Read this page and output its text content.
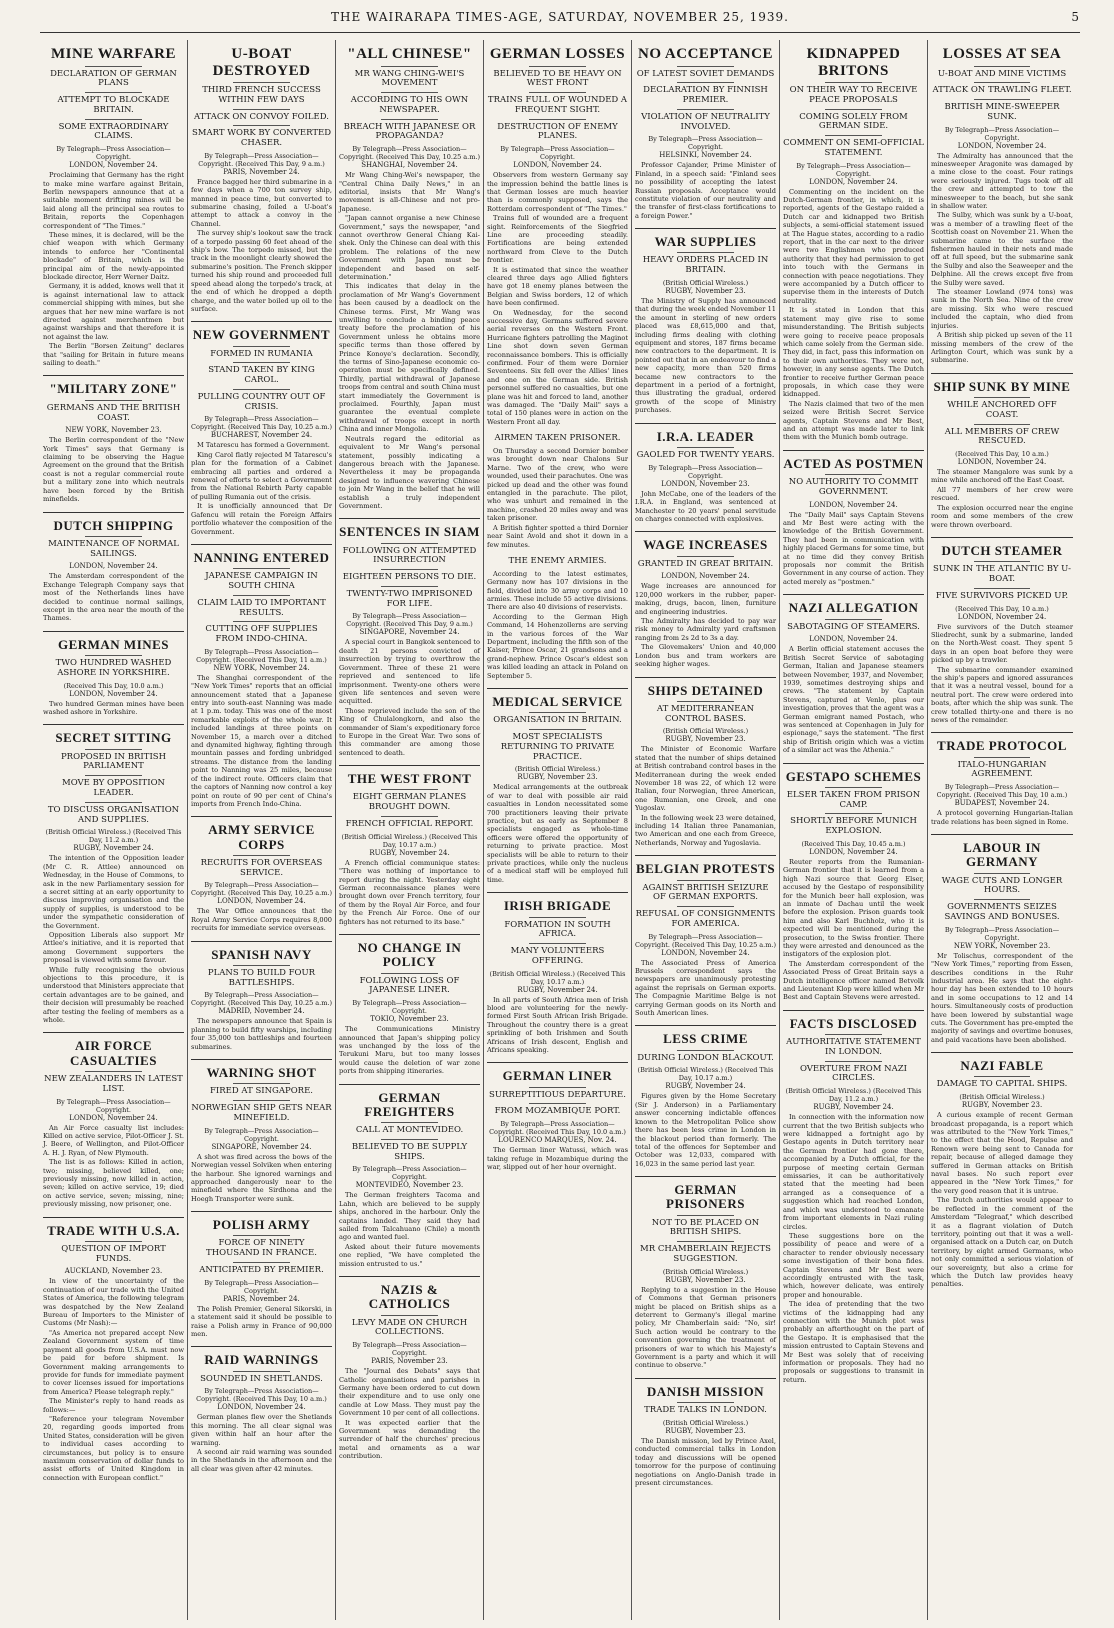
THE WAIRARAPA TIMES-AGE, SATURDAY, NOVEMBER 25, 1939.	5
MINE WARFARE
DECLARATION OF GERMAN PLANS
ATTEMPT TO BLOCKADE BRITAIN.
SOME EXTRAORDINARY CLAIMS.
By Telegraph—Press Association—Copyright.
LONDON, November 24.

Proclaiming that Germany has the right to make mine warfare against Britain, Berlin newspapers announce that at a suitable moment drifting mines will be laid along all the principal sea routes to Britain, reports the Copenhagen correspondent of "The Times."

These mines, it is declared, will be the chief weapon with which Germany intends to enforce her "Continental blockade" of Britain, which is the principal aim of the newly-appointed blockade director, Herr Werner Daitz.

Germany, it is added, knows well that it is against international law to attack commercial shipping with mines, but she argues that her new mine warfare is not directed against merchantmen but against warships and that therefore it is not against the law.

The Berlin "Borsen Zeitung" declares that "sailing for Britain in future means sailing to death."

"MILITARY ZONE"
GERMANS AND THE BRITISH COAST.
NEW YORK, November 23.

The Berlin correspondent of the "New York Times" says that Germany is claiming to be observing the Hague Agreement on the ground that the British coast is not a regular commercial route but a military zone into which neutrals have been forced by the British minefields.

DUTCH SHIPPING
MAINTENANCE OF NORMAL SAILINGS.
LONDON, November 24.

The Amsterdam correspondent of the Exchange Telegraph Company says that most of the Netherlands lines have decided to continue normal sailings, except in the area near the mouth of the Thames.

GERMAN MINES
TWO HUNDRED WASHED ASHORE IN YORKSHIRE.
(Received This Day, 10.0 a.m.)
LONDON, November 24.

Two hundred German mines have been washed ashore in Yorkshire.

SECRET SITTING
PROPOSED IN BRITISH PARLIAMENT
MOVE BY OPPOSITION LEADER.
TO DISCUSS ORGANISATION AND SUPPLIES.
(British Official Wireless.) (Received This Day, 11.2 a.m.)
RUGBY, November 24.

The intention of the Opposition leader (Mr C. R. Attlee) announced on Wednesday, in the House of Commons, to ask in the new Parliamentary session for a secret sitting at an early opportunity to discuss improving organisation and the supply of supplies, is understood to be under the sympathetic consideration of the Government.

Opposition Liberals also support Mr Attlee's initiative, and it is reported that among Government supporters the proposal is viewed with some favour.

While fully recognising the obvious objections to this procedure, it is understood that Ministers appreciate that certain advantages are to be gained, and their decision will presumably be reached after testing the feeling of members as a whole.

AIR FORCE CASUALTIES
NEW ZEALANDERS IN LATEST LIST.
By Telegraph—Press Association—Copyright.
LONDON, November 24.

An Air Force casualty list includes: Killed on active service, Pilot-Officer J. St. J. Beere, of Wellington, and Pilot-Officer A. H. J. Ryan, of New Plymouth.

The list is as follows: Killed in action, two; missing, believed killed, one; previously missing, now killed in action, seven; killed on active service, 19; died on active service, seven; missing, nine; previously missing, now prisoner, one.

TRADE WITH U.S.A.
QUESTION OF IMPORT FUNDS.
AUCKLAND, November 23.

In view of the uncertainty of the continuation of our trade with the United States of America, the following telegram was despatched by the New Zealand Bureau of Importers to the Minister of Customs (Mr Nash):—

"As America not prepared accept New Zealand Government system of time payment all goods from U.S.A. must now be paid for before shipment. Is Government making arrangements to provide for funds for immediate payment to cover licenses issued for importations from America? Please telegraph reply."

The Minister's reply to hand reads as follows:—

"Reference your telegram November 20, regarding goods imported from United States, consideration will be given to individual cases according to circumstances, but policy is to ensure maximum conservation of dollar funds to assist efforts of United Kingdom in connection with European conflict."

U-BOAT DESTROYED
THIRD FRENCH SUCCESS WITHIN FEW DAYS
ATTACK ON CONVOY FOILED.
SMART WORK BY CONVERTED CHASER.
By Telegraph—Press Association—Copyright. (Received This Day, 9 a.m.)
PARIS, November 24.

France bagged her third submarine in a few days when a 700 ton survey ship, manned in peace time, but converted to submarine chasing, foiled a U-boat's attempt to attack a convoy in the Channel.

The survey ship's lookout saw the track of a torpedo passing 60 feet ahead of the ship's bow. The torpedo missed, but the track in the moonlight clearly showed the submarine's position. The French skipper turned his ship round and proceeded full speed ahead along the torpedo's track, at the end of which he dropped a depth charge, and the water boiled up oil to the surface.

NEW GOVERNMENT
FORMED IN RUMANIA
STAND TAKEN BY KING CAROL.
PULLING COUNTRY OUT OF CRISIS.
By Telegraph—Press Association—Copyright. (Received This Day, 10.25 a.m.)
BUCHAREST, November 24.

M Tatarescu has formed a Government.

King Carol flatly rejected M Tatarescu's plan for the formation of a Cabinet embracing all parties and ordered a renewal of efforts to select a Government from the National Rebirth Party capable of pulling Rumania out of the crisis.

It is unofficially announced that Dr Gafencu will retain the Foreign Affairs portfolio whatever the composition of the Government.

NANNING ENTERED
JAPANESE CAMPAIGN IN SOUTH CHINA
CLAIM LAID TO IMPORTANT RESULTS.
CUTTING OFF SUPPLIES FROM INDO-CHINA.
By Telegraph—Press Association—Copyright. (Received This Day, 11 a.m.)
NEW YORK, November 24.

The Shanghai correspondent of the "New York Times" reports that an official announcement stated that a Japanese entry into south-east Nanning was made at 1 p.m. today. This was one of the most remarkable exploits of the whole war. It included landings at three points on November 15, a march over a ditched and dynamited highway, fighting through mountain passes and fording unbridged streams. The distance from the landing point to Nanning was 25 miles, because of the indirect route. Officers claim that the captors of Nanning now control a key point on route of 90 per cent of China's imports from French Indo-China.

ARMY SERVICE CORPS
RECRUITS FOR OVERSEAS SERVICE.
By Telegraph—Press Association—Copyright. (Received This Day, 10.25 a.m.)
LONDON, November 24.

The War Office announces that the Royal Army Service Corps requires 8,000 recruits for immediate service overseas.

SPANISH NAVY
PLANS TO BUILD FOUR BATTLESHIPS.
By Telegraph—Press Association—Copyright. (Received This Day, 10.25 a.m.)
MADRID, November 24.

The newspapers announce that Spain is planning to build fifty warships, including four 35,000 ton battleships and fourteen submarines.

WARNING SHOT
FIRED AT SINGAPORE.
NORWEGIAN SHIP GETS NEAR MINEFIELD.
By Telegraph—Press Association—Copyright.
SINGAPORE, November 24.

A shot was fired across the bows of the Norwegian vessel Solviken when entering the harbour. She ignored warnings and approached dangerously near to the minefield where the Sirdhona and the Hoegh Transporter were sunk.

POLISH ARMY
FORCE OF NINETY THOUSAND IN FRANCE.
ANTICIPATED BY PREMIER.
By Telegraph—Press Association—Copyright.
PARIS, November 24.

The Polish Premier, General Sikorski, in a statement said it should be possible to raise a Polish army in France of 90,000 men.

RAID WARNINGS
SOUNDED IN SHETLANDS.
By Telegraph—Press Association—Copyright. (Received This Day, 10 a.m.)
LONDON, November 24.

German planes flew over the Shetlands this morning. The all clear signal was given within half an hour after the warning.

A second air raid warning was sounded in the Shetlands in the afternoon and the all clear was given after 42 minutes.

"ALL CHINESE"
MR WANG CHING-WEI'S MOVEMENT
ACCORDING TO HIS OWN NEWSPAPER.
BREACH WITH JAPANESE OR PROPAGANDA?
By Telegraph—Press Association—Copyright. (Received This Day, 10.25 a.m.)
SHANGHAI, November 24.

Mr Wang Ching-Wei's newspaper, the "Central China Daily News," in an editorial, insists that Mr Wang's movement is all-Chinese and not pro-Japanese.

"Japan cannot organise a new Chinese Government," says the newspaper, "and cannot overthrow General Chiang Kai-shek. Only the Chinese can deal with this problem. The relations of the new Government with Japan must be independent and based on self-determination."

This indicates that delay in the proclamation of Mr Wang's Government has been caused by a deadlock on the Chinese terms. First, Mr Wang was unwilling to conclude a binding peace treaty before the proclamation of his Government unless he obtains more specific terms than those offered by Prince Konoye's declaration. Secondly, the terms of Sino-Japanese economic co-operation must be specifically defined. Thirdly, partial withdrawal of Japanese troops from central and south China must start immediately the Government is proclaimed. Fourthly, Japan must guarantee the eventual complete withdrawal of troops except in north China and inner Mongolia.

Neutrals regard the editorial as equivalent to Mr Wang's personal statement, possibly indicating a dangerous breach with the Japanese. Nevertheless it may be propaganda designed to influence wavering Chinese to join Mr Wang in the belief that he will establish a truly independent Government.

SENTENCES IN SIAM
FOLLOWING ON ATTEMPTED INSURRECTION
EIGHTEEN PERSONS TO DIE.
TWENTY-TWO IMPRISONED FOR LIFE.
By Telegraph—Press Association—Copyright. (Received This Day, 9 a.m.)
SINGAPORE, November 24.

A special court in Bangkok sentenced to death 21 persons convicted of insurrection by trying to overthrow the Government. Three of these 21 were reprieved and sentenced to life imprisonment. Twenty-one others were given life sentences and seven were acquitted.

Those reprieved include the son of the King of Chulalongkorn, and also the commander of Siam's expeditionary force to Europe in the Great War. Two sons of this commander are among those sentenced to death.

THE WEST FRONT
EIGHT GERMAN PLANES BROUGHT DOWN.
FRENCH OFFICIAL REPORT.
(British Official Wireless.) (Received This Day, 10.17 a.m.)
RUGBY, November 24.

A French official communique states: "There was nothing of importance to report during the night. Yesterday eight German reconnaissance planes were brought down over French territory, four of them by the Royal Air Force, and four by the French Air Force. One of our fighters has not returned to its base."

NO CHANGE IN POLICY
FOLLOWING LOSS OF JAPANESE LINER.
By Telegraph—Press Association—Copyright.
TOKIO, November 23.

The Communications Ministry announced that Japan's shipping policy was unchanged by the loss of the Terukuni Maru, but too many losses would cause the deletion of war zone ports from shipping itineraries.

GERMAN FREIGHTERS
CALL AT MONTEVIDEO.
BELIEVED TO BE SUPPLY SHIPS.
By Telegraph—Press Association—Copyright.
MONTEVIDEO, November 23.

The German freighters Tacoma and Lahn, which are believed to be supply ships, anchored in the harbour. Only the captains landed. They said they had sailed from Talcahuano (Chile) a month ago and wanted fuel.

Asked about their future movements one replied, "We have completed the mission entrusted to us."

NAZIS & CATHOLICS
LEVY MADE ON CHURCH COLLECTIONS.
By Telegraph—Press Association—Copyright.
PARIS, November 23.

The "Journal des Debats" says that Catholic organisations and parishes in Germany have been ordered to cut down their expenditure and to use only one candle at Low Mass. They must pay the Government 10 per cent of all collections.

It was expected earlier that the Government was demanding the surrender of half the churches' precious metal and ornaments as a war contribution.

GERMAN LOSSES
BELIEVED TO BE HEAVY ON WEST FRONT
TRAINS FULL OF WOUNDED A FREQUENT SIGHT.
DESTRUCTION OF ENEMY PLANES.
By Telegraph—Press Association—Copyright.
LONDON, November 24.

Observers from western Germany say the impression behind the battle lines is that German losses are much heavier than is commonly supposed, says the Rotterdam correspondent of "The Times."

Trains full of wounded are a frequent sight. Reinforcements of the Siegfried Line are proceeding steadily. Fortifications are being extended northward from Cleve to the Dutch frontier.

It is estimated that since the weather cleared three days ago Allied fighters have got 18 enemy planes between the Belgian and Swiss borders, 12 of which have been confirmed.

On Wednesday, for the second successive day, Germans suffered severe aerial reverses on the Western Front. Hurricane fighters patrolling the Maginot Line shot down seven German reconnaissance bombers. This is officially confirmed. Four of them were Dornier Seventeens. Six fell over the Allies' lines and one on the German side. British personnel suffered no casualties, but one plane was hit and forced to land, another was damaged. The "Daily Mail" says a total of 150 planes were in action on the Western Front all day.

AIRMEN TAKEN PRISONER.

On Thursday a second Dornier bomber was brought down near Chalons Sur Marne. Two of the crew, who were wounded, used their parachutes. One was picked up dead and the other was found entangled in the parachute. The pilot, who was unhurt and remained in the machine, crashed 20 miles away and was taken prisoner.

A British fighter spotted a third Dornier near Saint Avold and shot it down in a few minutes.

THE ENEMY ARMIES.

According to the latest estimates, Germany now has 107 divisions in the field, divided into 30 army corps and 10 armies. These include 55 active divisions. There are also 40 divisions of reservists.

According to the German High Command, 14 Hohenzollerns are serving in the various forces of the War Department, including the fifth son of the Kaiser, Prince Oscar, 21 grandsons and a grand-nephew. Prince Oscar's eldest son was killed leading an attack in Poland on September 5.

MEDICAL SERVICE
ORGANISATION IN BRITAIN.
MOST SPECIALISTS RETURNING TO PRIVATE PRACTICE.
(British Official Wireless.)
RUGBY, November 23.

Medical arrangements at the outbreak of war to deal with possible air raid casualties in London necessitated some 700 practitioners leaving their private practice, but as early as September 8 specialists engaged as whole-time officers were offered the opportunity of returning to private practice. Most specialists will be able to return to their private practices, while only the nucleus of a medical staff will be employed full time.

IRISH BRIGADE
FORMATION IN SOUTH AFRICA.
MANY VOLUNTEERS OFFERING.
(British Official Wireless.) (Received This Day, 10.17 a.m.)
RUGBY, November 24.

In all parts of South Africa men of Irish blood are volunteering for the newly-formed First South African Irish Brigade. Throughout the country there is a great sprinkling of both Irishmen and South Africans of Irish descent, English and Africans speaking.

GERMAN LINER
SURREPTITIOUS DEPARTURE.
FROM MOZAMBIQUE PORT.
By Telegraph—Press Association—Copyright. (Received This Day, 10.0 a.m.)
LOURENCO MARQUES, Nov. 24.

The German liner Watussi, which was taking refuge in Mozambique during the war, slipped out of her hour overnight.

NO ACCEPTANCE
OF LATEST SOVIET DEMANDS
DECLARATION BY FINNISH PREMIER.
VIOLATION OF NEUTRALITY INVOLVED.
By Telegraph—Press Association—Copyright.
HELSINKI, November 24.

Professor Cajander, Prime Minister of Finland, in a speech said: "Finland sees no possibility of accepting the latest Russian proposals. Acceptance would constitute violation of our neutrality and the transfer of first-class fortifications to a foreign Power."

WAR SUPPLIES
HEAVY ORDERS PLACED IN BRITAIN.
(British Official Wireless.)
RUGBY, November 23.

The Ministry of Supply has announced that during the week ended November 11 the amount in sterling of new orders placed was £8,615,000 and that, including firms dealing with clothing equipment and stores, 187 firms became new contractors to the department. It is pointed out that in an endeavour to find a new capacity, more than 520 firms became new contractors to the department in a period of a fortnight, thus illustrating the gradual, ordered growth of the scope of Ministry purchases.

I.R.A. LEADER
GAOLED FOR TWENTY YEARS.
By Telegraph—Press Association—Copyright.
LONDON, November 23.

John McCabe, one of the leaders of the I.R.A. in England, was sentenced at Manchester to 20 years' penal servitude on charges connected with explosives.

WAGE INCREASES
GRANTED IN GREAT BRITAIN.
LONDON, November 24.

Wage increases are announced for 120,000 workers in the rubber, paper-making, drugs, bacon, linen, furniture and engineering industries.

The Admiralty has decided to pay war risk money to Admiralty yard craftsmen ranging from 2s 2d to 3s a day.

The Glovemakers' Union and 40,000 London bus and tram workers are seeking higher wages.

SHIPS DETAINED
AT MEDITERRANEAN CONTROL BASES.
(British Official Wireless.)
RUGBY, November 23.

The Minister of Economic Warfare stated that the number of ships detained at British contraband control bases in the Mediterranean during the week ended November 18 was 22, of which 12 were Italian, four Norwegian, three American, one Rumanian, one Greek, and one Yugoslav.

In the following week 23 were detained, including 14 Italian three Panamanian, two American and one each from Greece, Netherlands, Norway and Yugoslavia.

BELGIAN PROTESTS
AGAINST BRITISH SEIZURE OF GERMAN EXPORTS.
REFUSAL OF CONSIGNMENTS FOR AMERICA.
By Telegraph—Press Association—Copyright. (Received This Day, 10.25 a.m.)
LONDON, November 24.

The Associated Press of America Brussels correspondent says the newspapers are unanimously protesting against the reprisals on German exports. The Compagnie Maritime Belge is not carrying German goods on its North and South American lines.

LESS CRIME
DURING LONDON BLACKOUT.
(British Official Wireless.) (Received This Day, 10.17 a.m.)
RUGBY, November 24.

Figures given by the Home Secretary (Sir J. Anderson) in a Parliamentary answer concerning indictable offences known to the Metropolitan Police show there has been less crime in London in the blackout period than formerly. The total of the offences for September and October was 12,033, compared with 16,023 in the same period last year.

GERMAN PRISONERS
NOT TO BE PLACED ON BRITISH SHIPS.
MR CHAMBERLAIN REJECTS SUGGESTION.
(British Official Wireless.)
RUGBY, November 23.

Replying to a suggestion in the House of Commons that German prisoners might be placed on British ships as a deterrent to Germany's illegal marine policy, Mr Chamberlain said: "No, sir! Such action would be contrary to the convention governing the treatment of prisoners of war to which his Majesty's Government is a party and which it will continue to observe."

DANISH MISSION
TRADE TALKS IN LONDON.
(British Official Wireless.)
RUGBY, November 23.

The Danish mission, led by Prince Axel, conducted commercial talks in London today and discussions will be opened tomorrow for the purpose of continuing negotiations on Anglo-Danish trade in present circumstances.

KIDNAPPED BRITONS
ON THEIR WAY TO RECEIVE PEACE PROPOSALS
COMING SOLELY FROM GERMAN SIDE.
COMMENT ON SEMI-OFFICIAL STATEMENT.
By Telegraph—Press Association—Copyright.
LONDON, November 24.

Commenting on the incident on the Dutch-German frontier, in which, it is reported, agents of the Gestapo raided a Dutch car and kidnapped two British subjects, a semi-official statement issued at The Hague states, according to a radio report, that in the car next to the driver were two Englishmen who produced authority that they had permission to get into touch with the Germans in connection with peace negotiations. They were accompanied by a Dutch officer to supervise them in the interests of Dutch neutrality.

It is stated in London that this statement may give rise to some misunderstanding. The British subjects were going to receive peace proposals which came solely from the German side. They did, in fact, pass this information on to their own authorities. They were not, however, in any sense agents. The Dutch frontier to receive further German peace proposals, in which case they were kidnapped.

The Nazis claimed that two of the men seized were British Secret Service agents, Captain Stevens and Mr Best, and an attempt was made later to link them with the Munich bomb outrage.

ACTED AS POSTMEN
NO AUTHORITY TO COMMIT GOVERNMENT.
LONDON, November 24.

The "Daily Mail" says Captain Stevens and Mr Best were acting with the knowledge of the British Government. They had been in communication with highly placed Germans for some time, but at no time did they convey British proposals nor commit the British Government in any course of action. They acted merely as "postmen."

NAZI ALLEGATION
SABOTAGING OF STEAMERS.
LONDON, November 24.

A Berlin official statement accuses the British Secret Service of sabotaging German, Italian and Japanese steamers between November, 1937, and November, 1939, sometimes destroying ships and crews. "The statement by Captain Stevens, captured at Venlo, plus our investigation, proves that the agent was a German emigrant named Postach, who was sentenced at Copenhagen in July for espionage," says the statement. "The first ship of British origin which was a victim of a similar act was the Athenia."

GESTAPO SCHEMES
ELSER TAKEN FROM PRISON CAMP.
SHORTLY BEFORE MUNICH EXPLOSION.
(Received This Day, 10.45 a.m.)
LONDON, November 24.

Reuter reports from the Rumanian-German frontier that it is learned from a high Nazi source that Georg Elser, accused by the Gestapo of responsibility for the Munich beer hall explosion, was an inmate of Dachau until the week before the explosion. Prison guards took him and also Karl Buchholz, who it is expected will be mentioned during the prosecution, to the Swiss frontier. There they were arrested and denounced as the instigators of the explosion plot.

The Amsterdam correspondent of the Associated Press of Great Britain says a Dutch intelligence officer named Betvolk and Lieutenant Klop were killed when Mr Best and Captain Stevens were arrested.

FACTS DISCLOSED
AUTHORITATIVE STATEMENT IN LONDON.
OVERTURE FROM NAZI CIRCLES.
(British Official Wireless.) (Received This Day, 11.2 a.m.)
RUGBY, November 24.

In connection with the information now current that the two British subjects who were kidnapped a fortnight ago by Gestapo agents in Dutch territory near the German frontier had gone there, accompanied by a Dutch official, for the purpose of meeting certain German emissaries, it can be authoritatively stated that the meeting had been arranged as a consequence of a suggestion which had reached London, and which was understood to emanate from important elements in Nazi ruling circles.

These suggestions bore on the possibility of peace and were of a character to render obviously necessary some investigation of their bona fides. Captain Stevens and Mr Best were accordingly entrusted with the task, which, however delicate, was entirely proper and honourable.

The idea of pretending that the two victims of the kidnapping had any connection with the Munich plot was probably an afterthought on the part of the Gestapo. It is emphasised that the mission entrusted to Captain Stevens and Mr Best was solely that of receiving information or proposals. They had no proposals or suggestions to transmit in return.

LOSSES AT SEA
U-BOAT AND MINE VICTIMS
ATTACK ON TRAWLING FLEET.
BRITISH MINE-SWEEPER SUNK.
By Telegraph—Press Association—Copyright.
LONDON, November 24.

The Admiralty has announced that the minesweeper Aragonite was damaged by a mine close to the coast. Four ratings were seriously injured. Tugs took off all the crew and attempted to tow the minesweeper to the beach, but she sank in shallow water.

The Sulby, which was sunk by a U-boat, was a member of a trawling fleet of the Scottish coast on November 21. When the submarine came to the surface the fishermen hauled in their nets and made off at full speed, but the submarine sank the Sulby and also the Seaweeper and the Delphine. All the crews except five from the Sulby were saved.

The steamer Lowland (974 tons) was sunk in the North Sea. Nine of the crew are missing. Six who were rescued included the captain, who died from injuries.

A British ship picked up seven of the 11 missing members of the crew of the Arlington Court, which was sunk by a submarine.

SHIP SUNK BY MINE
WHILE ANCHORED OFF COAST.
ALL MEMBERS OF CREW RESCUED.
(Received This Day, 10 a.m.)
LONDON, November 24.

The steamer Mangalore was sunk by a mine while anchored off the East Coast.

All 77 members of her crew were rescued.

The explosion occurred near the engine room and some members of the crew were thrown overboard.

DUTCH STEAMER
SUNK IN THE ATLANTIC BY U-BOAT.
FIVE SURVIVORS PICKED UP.
(Received This Day, 10 a.m.)
LONDON, November 24.

Five survivors of the Dutch steamer Sliedrecht, sunk by a submarine, landed on the North-West coast. They spent 5 days in an open boat before they were picked up by a trawler.

The submarine commander examined the ship's papers and ignored assurances that it was a neutral vessel, bound for a neutral port. The crew were ordered into boats, after which the ship was sunk. The crew totalled thirty-one and there is no news of the remainder.

TRADE PROTOCOL
ITALO-HUNGARIAN AGREEMENT.
By Telegraph—Press Association—Copyright. (Received This Day, 10 a.m.)
BUDAPEST, November 24.

A protocol governing Hungarian-Italian trade relations has been signed in Rome.

LABOUR IN GERMANY
WAGE CUTS AND LONGER HOURS.
GOVERNMENTS SEIZES SAVINGS AND BONUSES.
By Telegraph—Press Association—Copyright.
NEW YORK, November 23.

Mr Tolischus, correspondent of the "New York Times," reporting from Essen, describes conditions in the Ruhr industrial area. He says that the eight-hour day has been extended to 10 hours and in some occupations to 12 and 14 hours. Simultaneously costs of production have been lowered by substantial wage cuts. The Government has pre-empted the majority of savings and overtime bonuses, and paid vacations have been abolished.

NAZI FABLE
DAMAGE TO CAPITAL SHIPS.
(British Official Wireless.)
RUGBY, November 23.

A curious example of recent German broadcast propaganda, is a report which was attributed to the "New York Times," to the effect that the Hood, Repulse and Renown were being sent to Canada for repair, because of alleged damage they suffered in German attacks on British naval bases. No such report ever appeared in the "New York Times," for the very good reason that it is untrue.

The Dutch authorities would appear to be reflected in the comment of the Amsterdam "Telegraaf," which described it as a flagrant violation of Dutch territory, pointing out that it was a well-organised attack on a Dutch car, on Dutch territory, by eight armed Germans, who not only committed a serious violation of our sovereignty, but also a crime for which the Dutch law provides heavy penalties.
